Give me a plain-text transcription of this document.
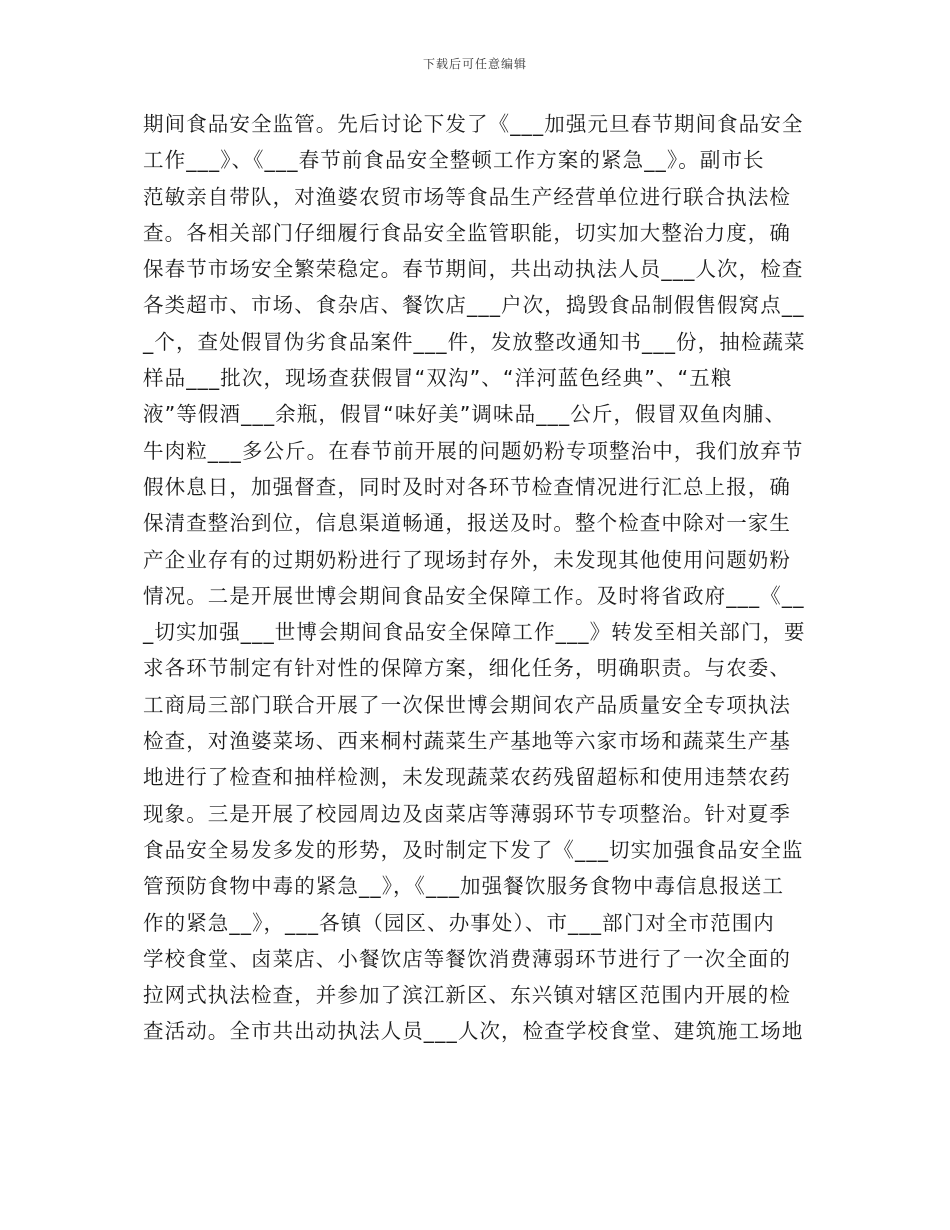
下载后可任意编辑
期间食品安全监管。先后讨论下发了《___加强元旦春节期间食品安全
工作___》、《___春节前食品安全整顿工作方案的紧急__》。副市长
范敏亲自带队，对渔婆农贸市场等食品生产经营单位进行联合执法检
查。各相关部门仔细履行食品安全监管职能，切实加大整治力度，确
保春节市场安全繁荣稳定。春节期间，共出动执法人员___人次，检查
各类超市、市场、食杂店、餐饮店___户次，捣毁食品制假售假窝点__
_个，查处假冒伪劣食品案件___件，发放整改通知书___份，抽检蔬菜
样品___批次，现场查获假冒“双沟”、“洋河蓝色经典”、“五粮
液”等假酒___余瓶，假冒“味好美”调味品___公斤，假冒双鱼肉脯、
牛肉粒___多公斤。在春节前开展的问题奶粉专项整治中，我们放弃节
假休息日，加强督查，同时及时对各环节检查情况进行汇总上报，确
保清查整治到位，信息渠道畅通，报送及时。整个检查中除对一家生
产企业存有的过期奶粉进行了现场封存外，未发现其他使用问题奶粉
情况。二是开展世博会期间食品安全保障工作。及时将省政府___《__
_切实加强___世博会期间食品安全保障工作___》转发至相关部门，要
求各环节制定有针对性的保障方案，细化任务，明确职责。与农委、
工商局三部门联合开展了一次保世博会期间农产品质量安全专项执法
检查，对渔婆菜场、西来桐村蔬菜生产基地等六家市场和蔬菜生产基
地进行了检查和抽样检测，未发现蔬菜农药残留超标和使用违禁农药
现象。三是开展了校园周边及卤菜店等薄弱环节专项整治。针对夏季
食品安全易发多发的形势，及时制定下发了《___切实加强食品安全监
管预防食物中毒的紧急__》，《___加强餐饮服务食物中毒信息报送工
作的紧急__》，___各镇（园区、办事处）、市___部门对全市范围内
学校食堂、卤菜店、小餐饮店等餐饮消费薄弱环节进行了一次全面的
拉网式执法检查，并参加了滨江新区、东兴镇对辖区范围内开展的检
查活动。全市共出动执法人员___人次，检查学校食堂、建筑施工场地
